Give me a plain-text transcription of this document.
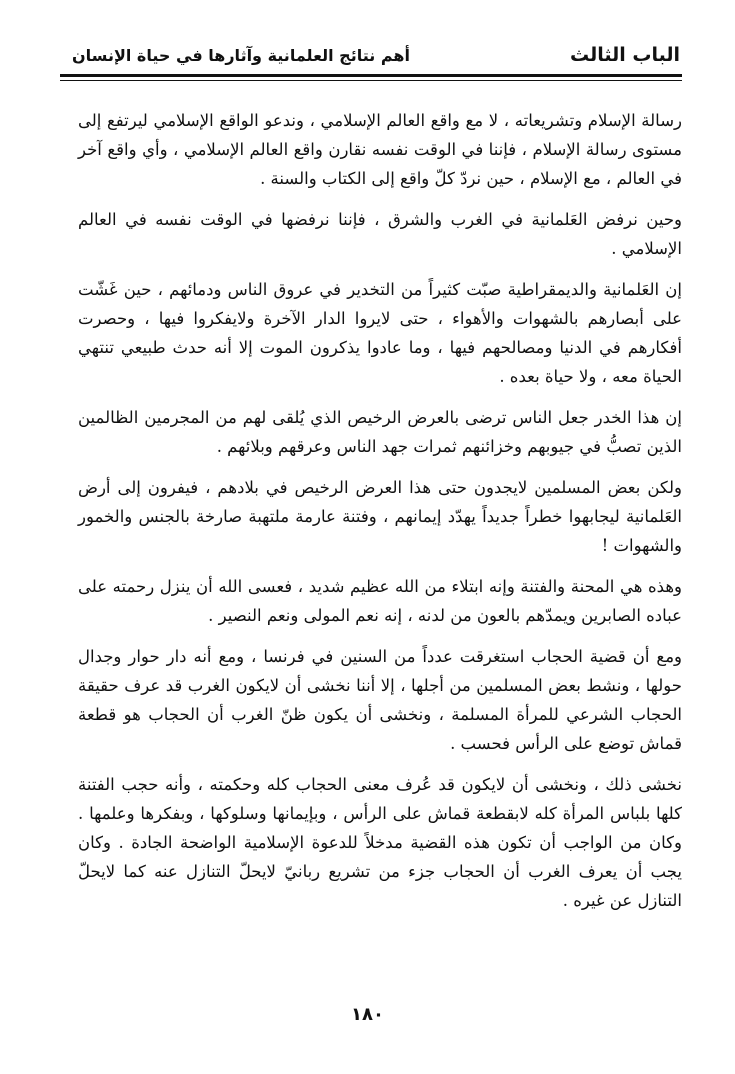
الباب الثالث
أهم نتائج العلمانية وآثارها في حياة الإنسان

رسالة الإسلام وتشريعاته ، لا مع واقع العالم الإسلامي ، وندعو الواقع الإسلامي ليرتفع إلى مستوى رسالة الإسلام ، فإننا في الوقت نفسه نقارن واقع العالم الإسلامي ، وأي واقع آخر في العالم ، مع الإسلام ، حين نردّ كلّ واقع إلى الكتاب والسنة .

وحين نرفض العَلمانية في الغرب والشرق ، فإننا نرفضها في الوقت نفسه في العالم الإسلامي .

إن العَلمانية والديمقراطية صبّت كثيراً من التخدير في عروق الناس ودمائهم ، حين غَشّت على أبصارهم بالشهوات والأهواء ، حتى لايروا الدار الآخرة ولايفكروا فيها ، وحصرت أفكارهم في الدنيا ومصالحهم فيها ، وما عادوا يذكرون الموت إلا أنه حدث طبيعي تنتهي الحياة معه ، ولا حياة بعده .

إن هذا الخدر جعل الناس ترضى بالعرض الرخيص الذي يُلقى لهم من المجرمين الظالمين الذين تصبُّ في جيوبهم وخزائنهم ثمرات جهد الناس وعرقهم وبلائهم .

ولكن بعض المسلمين لايجدون حتى هذا العرض الرخيص في بلادهم ، فيفرون إلى أرض العَلمانية ليجابهوا خطراً جديداً يهدّد إيمانهم ، وفتنة عارمة ملتهبة صارخة بالجنس والخمور والشهوات !

وهذه هي المحنة والفتنة وإنه ابتلاء من الله عظيم شديد ، فعسى الله أن ينزل رحمته على عباده الصابرين ويمدّهم بالعون من لدنه ، إنه نعم المولى ونعم النصير .

ومع أن قضية الحجاب استغرقت عدداً من السنين في فرنسا ، ومع أنه دار حوار وجدال حولها ، ونشط بعض المسلمين من أجلها ، إلا أننا نخشى أن لايكون الغرب قد عرف حقيقة الحجاب الشرعي للمرأة المسلمة ، ونخشى أن يكون ظنّ الغرب أن الحجاب هو قطعة قماش توضع على الرأس فحسب .

نخشى ذلك ، ونخشى أن لايكون قد عُرف معنى الحجاب كله وحكمته ، وأنه حجب الفتنة كلها بلباس المرأة كله لابقطعة قماش على الرأس ، وبإيمانها وسلوكها ، وبفكرها وعلمها . وكان من الواجب أن تكون هذه القضية مدخلاً للدعوة الإسلامية الواضحة الجادة . وكان يجب أن يعرف الغرب أن الحجاب جزء من تشريع ربانيّ لايحلّ التنازل عنه كما لايحلّ التنازل عن غيره .

١٨٠
